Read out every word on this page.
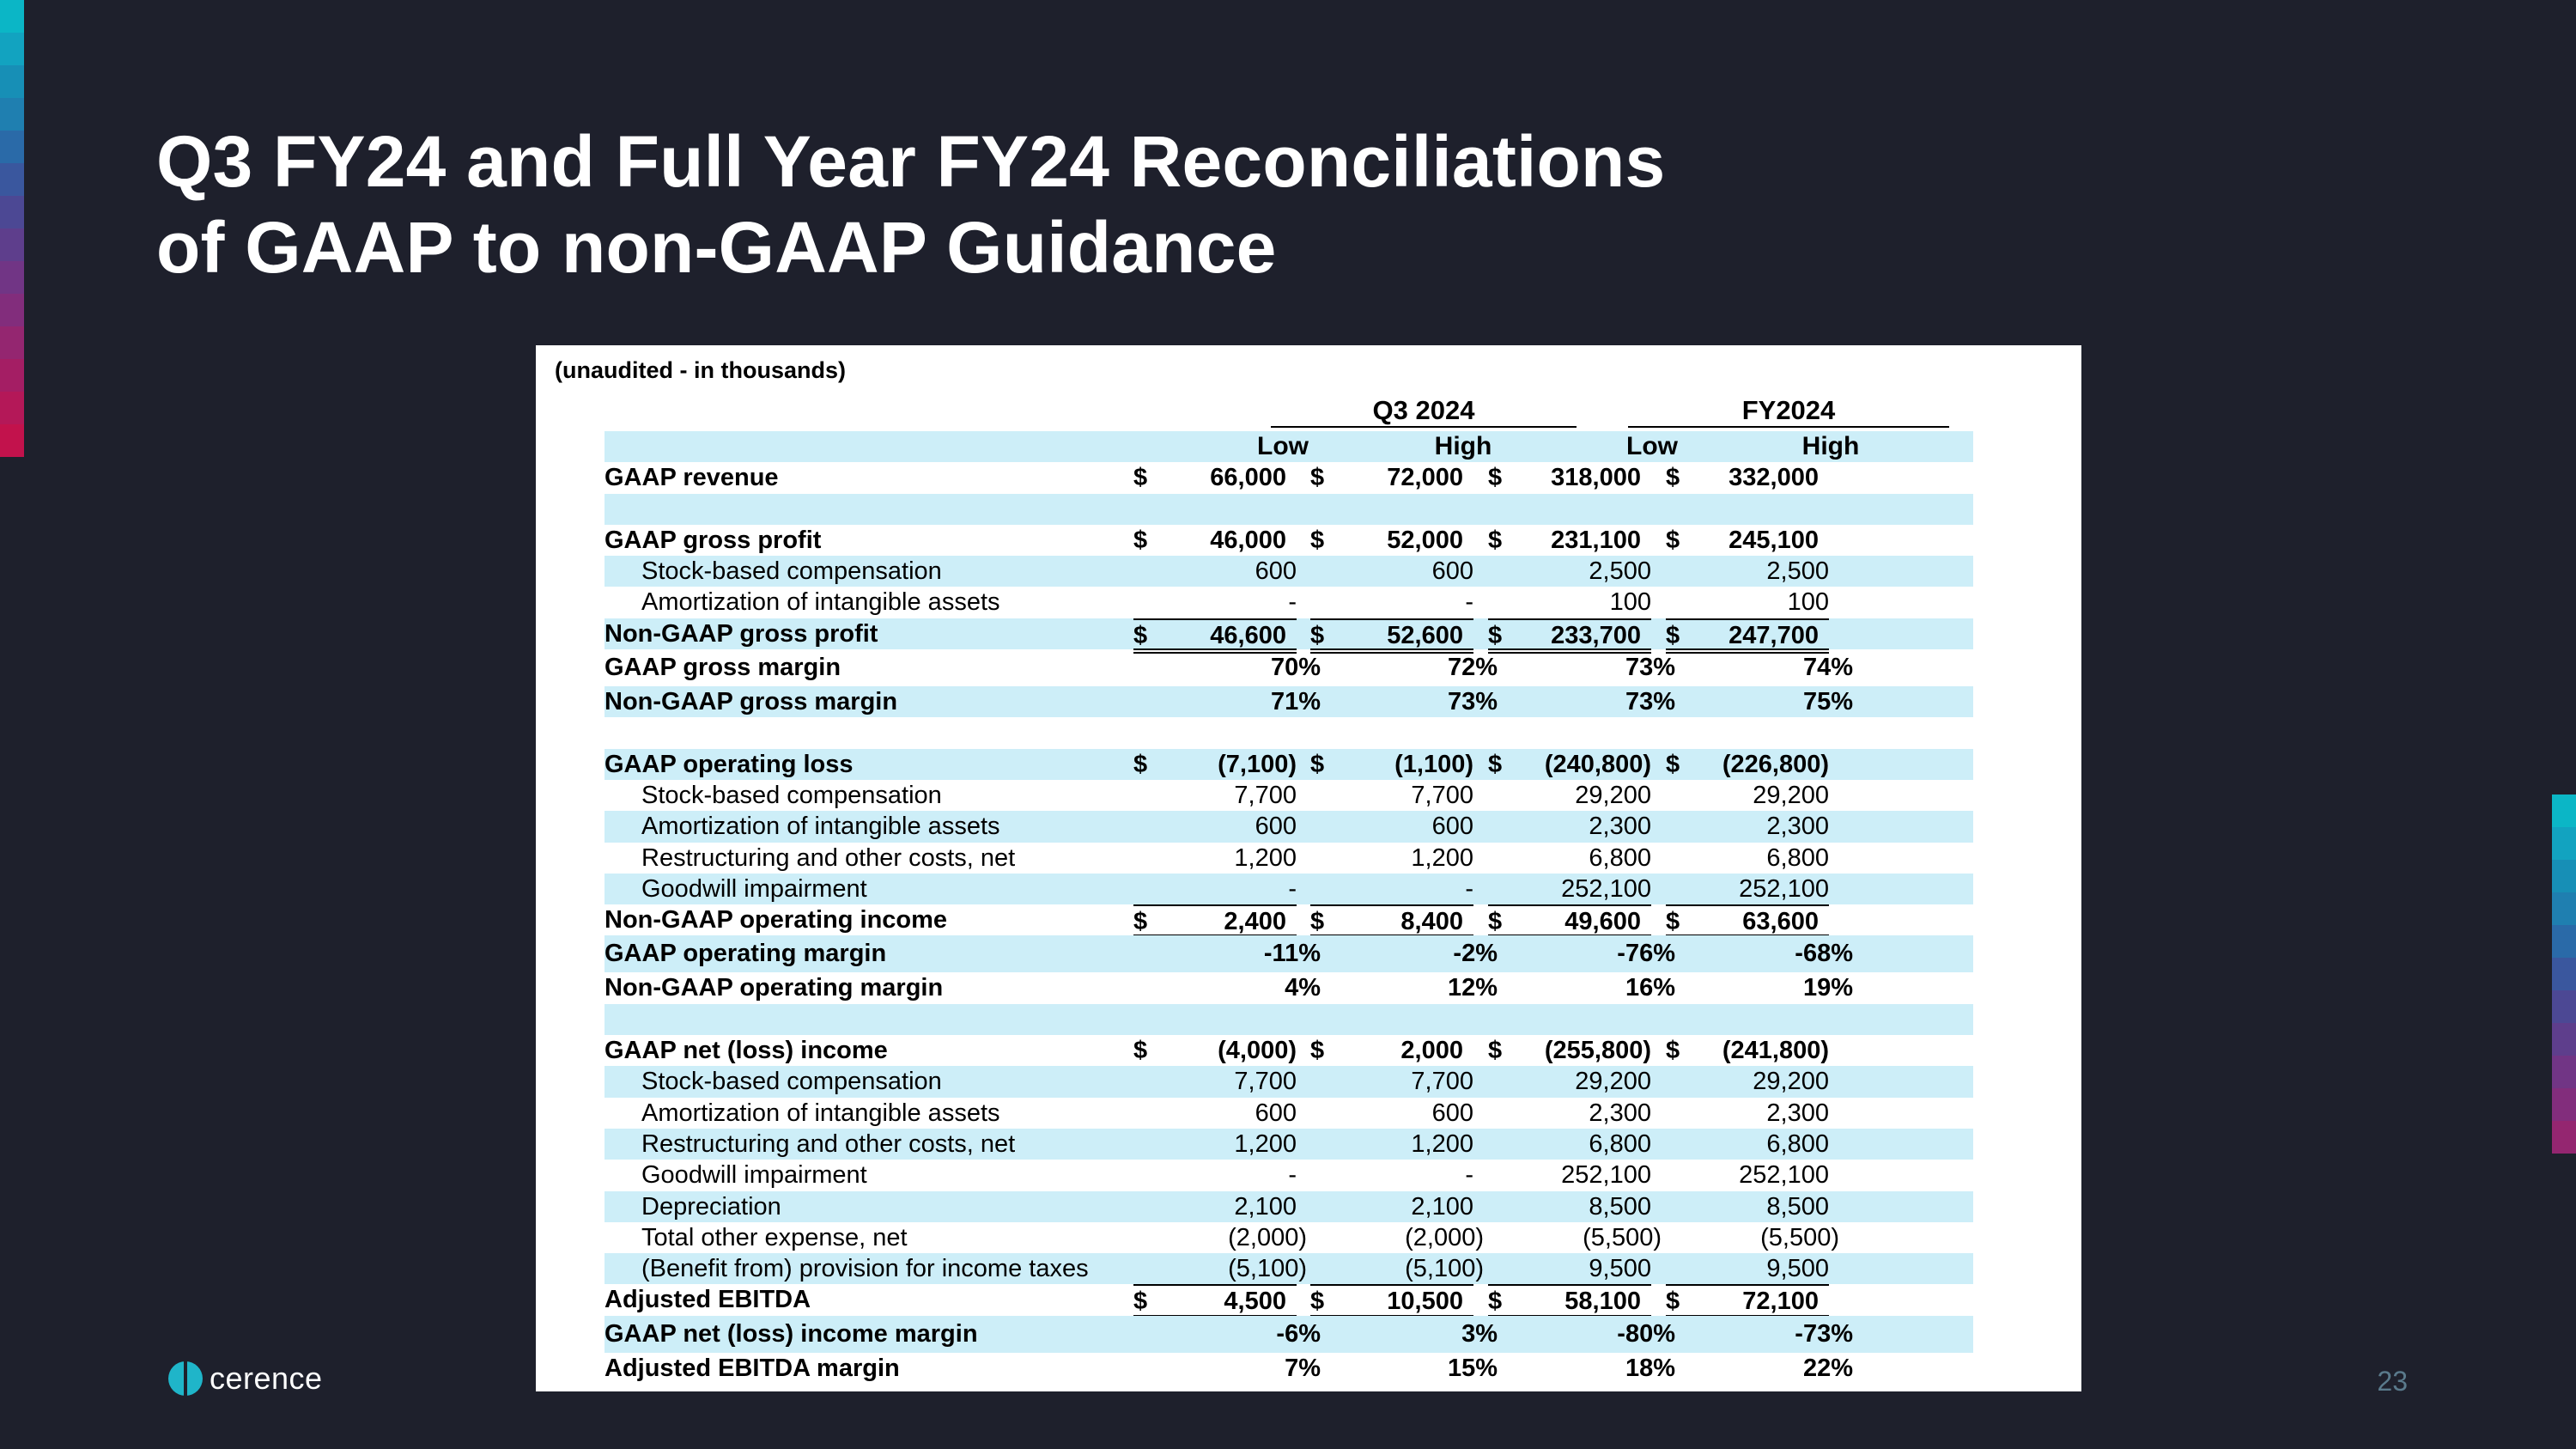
Q3 FY24 and Full Year FY24 Reconciliations
of GAAP to non-GAAP Guidance
(unaudited - in thousands)
Q3 2024	FY2024
Low	High	Low	High
GAAP revenue	$	66,000 $	72,000 $ 318,000 $ 332,000
GAAP gross profit	$	46,000 $	52,000 $ 231,100 $ 245,100
Stock-based compensation	600	600	2,500	2,500
Amortization of intangible assets	-	-	100	100
Non-GAAP gross profit	$	46,600 $	52,600 $ 233,700 $ 247,700
GAAP gross margin	70%	72%	73%	74%
Non-GAAP gross margin	71%	73%	73%	75%
GAAP operating loss	$	(7,100) $	(1,100) $ (240,800) $ (226,800)
Stock-based compensation	7,700	7,700	29,200	29,200
Amortization of intangible assets	600	600	2,300	2,300
Restructuring and other costs, net	1,200	1,200	6,800	6,800
Goodwill impairment	-	-	252,100	252,100
Non-GAAP operating income	$	2,400 $	8,400 $	49,600 $	63,600
GAAP operating margin	-11%	-2%	-76%	-68%
Non-GAAP operating margin	4%	12%	16%	19%
GAAP net (loss) income	$	(4,000) $	2,000 $ (255,800) $ (241,800)
Stock-based compensation	7,700	7,700	29,200	29,200
Amortization of intangible assets	600	600	2,300	2,300
Restructuring and other costs, net	1,200	1,200	6,800	6,800
Goodwill impairment	-	-	252,100	252,100
Depreciation	2,100	2,100	8,500	8,500
Total other expense, net	(2,000)	(2,000)	(5,500)	(5,500)
(Benefit from) provision for income taxes	(5,100)	(5,100)	9,500	9,500
Adjusted EBITDA	$	4,500 $	10,500 $	58,100 $	72,100
GAAP net (loss) income margin	-6%	3%	-80%	-73%
Adjusted EBITDA margin	7%	15%	18%	22%
cerence	23
